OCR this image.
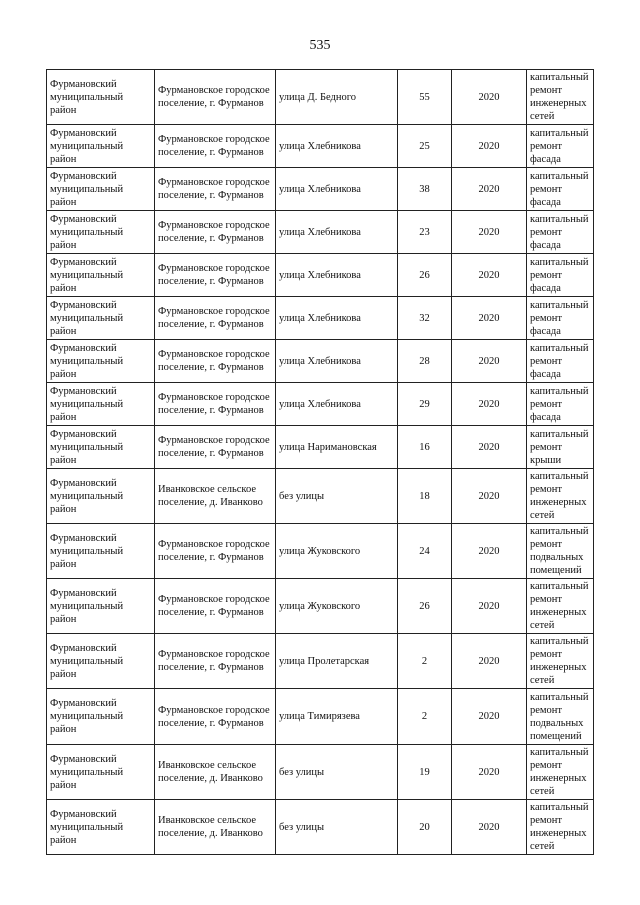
535
Фурмановский муниципальный район	Фурмановское городское поселение, г. Фурманов	улица Д. Бедного	55	2020	капитальный ремонт инженерных сетей
Фурмановский муниципальный район	Фурмановское городское поселение, г. Фурманов	улица Хлебникова	25	2020	капитальный ремонт фасада
Фурмановский муниципальный район	Фурмановское городское поселение, г. Фурманов	улица Хлебникова	38	2020	капитальный ремонт фасада
Фурмановский муниципальный район	Фурмановское городское поселение, г. Фурманов	улица Хлебникова	23	2020	капитальный ремонт фасада
Фурмановский муниципальный район	Фурмановское городское поселение, г. Фурманов	улица Хлебникова	26	2020	капитальный ремонт фасада
Фурмановский муниципальный район	Фурмановское городское поселение, г. Фурманов	улица Хлебникова	32	2020	капитальный ремонт фасада
Фурмановский муниципальный район	Фурмановское городское поселение, г. Фурманов	улица Хлебникова	28	2020	капитальный ремонт фасада
Фурмановский муниципальный район	Фурмановское городское поселение, г. Фурманов	улица Хлебникова	29	2020	капитальный ремонт фасада
Фурмановский муниципальный район	Фурмановское городское поселение, г. Фурманов	улица Наримановская	16	2020	капитальный ремонт крыши
Фурмановский муниципальный район	Иванковское сельское поселение, д. Иванково	без улицы	18	2020	капитальный ремонт инженерных сетей
Фурмановский муниципальный район	Фурмановское городское поселение, г. Фурманов	улица Жуковского	24	2020	капитальный ремонт подвальных помещений
Фурмановский муниципальный район	Фурмановское городское поселение, г. Фурманов	улица Жуковского	26	2020	капитальный ремонт инженерных сетей
Фурмановский муниципальный район	Фурмановское городское поселение, г. Фурманов	улица Пролетарская	2	2020	капитальный ремонт инженерных сетей
Фурмановский муниципальный район	Фурмановское городское поселение, г. Фурманов	улица Тимирязева	2	2020	капитальный ремонт подвальных помещений
Фурмановский муниципальный район	Иванковское сельское поселение, д. Иванково	без улицы	19	2020	капитальный ремонт инженерных сетей
Фурмановский муниципальный район	Иванковское сельское поселение, д. Иванково	без улицы	20	2020	капитальный ремонт инженерных сетей
